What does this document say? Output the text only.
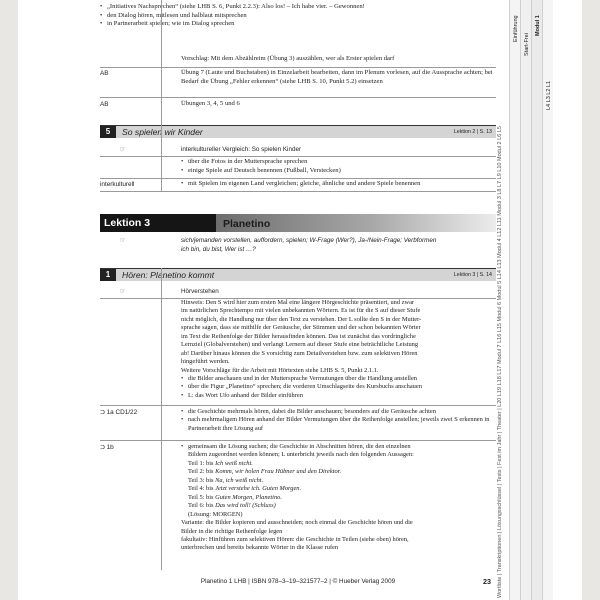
• „Initiatives Nachsprechen“ (siehe LHB S. 6, Punkt 2.2.3): Also los! – Ich habe vier. – Gewonnen!
• den Dialog hören, mitlesen und halblaut mitsprechen
• in Partnerarbeit spielen; wie im Dialog sprechen
Vorschlag: Mit dem Abzählreim (Übung 3) auszählen, wer als Erster spielen darf
AB	Übung 7 (Laute und Buchstaben) in Einzelarbeit bearbeiten, dann im Plenum vorlesen, auf die Aussprache achten; bei Bedarf die Übung „Fehler erkennen“ (siehe LHB S. 10, Punkt 5.2) einsetzen
AB	Übungen 3, 4, 5 und 6
5	So spielen wir Kinder	Lektion 2 | S. 13
☞	interkultureller Vergleich: So spielen Kinder
• über die Fotos in der Muttersprache sprechen
• einige Spiele auf Deutsch benennen (Fußball, Verstecken)
interkulturell	• mit Spielen im eigenen Land vergleichen; gleiche, ähnliche und andere Spiele benennen
Lektion 3	Planetino
☞	sich/jemanden vorstellen, auffordern, spielen; W-Frage (Wer?), Ja-/Nein-Frage; Verbformen
ich bin, du bist, Wer ist …?
1	Hören: Planetino kommt	Lektion 3 | S. 14
☞	Hörverstehen
Hinweis: Den S wird hier zum ersten Mal eine längere Hörgeschichte präsentiert, und zwar
im natürlichen Sprechtempo mit vielen unbekannten Wörtern. Es ist für die S auf dieser Stufe
nicht möglich, die Handlung nur über den Text zu verstehen. Der L sollte den S in der Mutter-
sprache sagen, dass sie mithilfe der Geräusche, der Stimmen und der schon bekannten Wörter
im Text die Reihenfolge der Bilder herausfinden können. Das ist zunächst das vordringliche
Lernziel (Globalverstehen) und verlangt Lernern auf dieser Stufe eine beträchtliche Leistung
ab! Darüber hinaus können die S vorsichtig zum Detailverstehen bzw. zum selektiven Hören
hingeführt werden.
Weitere Vorschläge für die Arbeit mit Hörtexten siehe LHB S. 5, Punkt 2.1.1.
• die Bilder anschauen und in der Muttersprache Vermutungen über die Handlung anstellen
• über die Figur „Planetino“ sprechen; die vorderen Umschlagseite des Kursbuchs anschauen
• L: das Wort Ufo anhand der Bilder einführen
⮊ 1a CD1/22	• die Geschichte mehrmals hören, dabei die Bilder anschauen; besonders auf die Geräusche achten
• nach mehrmaligem Hören anhand der Bilder Vermutungen über die Reihenfolge anstellen; jeweils zwei S erkennen in Partnerarbeit ihre Lösung auf
⮊ 1b	• gemeinsam die Lösung suchen; die Geschichte in Abschnitten hören, die den einzelnen
Bildern zugeordnet werden können; L unterbricht jeweils nach den folgenden Aussagen:
Teil 1: bis Ich weiß nicht.
Teil 2: bis Komm, wir holen Frau Hübner und den Direktor.
Teil 3: bis Na, ich weiß nicht.
Teil 4: bis Jetzt verstehe ich. Guten Morgen.
Teil 5: bis Guten Morgen, Planetino.
Teil 6: bis Das wird toll! (Schluss)
(Lösung: MORGEN)
Variante: die Bilder kopieren und ausschneiden; noch einmal die Geschichte hören und die
Bilder in die richtige Reihenfolge legen
fakultativ: Hinführen zum selektiven Hören: die Geschichte in Teilen (siehe oben) hören,
unterbrechen und bereits bekannte Wörter in die Klasse rufen
Einführung
Start-Frei
Modul 1
L4 L3 L2 L1
Wortliste | Transkriptionen | Lösungsschlüssel | Tests | Fest im Jahr | Theater | L20 L19 L18 L17 Modul 7 L16 L15 Modul 6 Modul 5 L14 L13 Modul 4 L12 L11 Modul 3 L8 L7 L9 L10 Modul 2 L6 L5
Planetino 1 LHB | ISBN 978–3–19–321577–2 | © Hueber Verlag 2009	23
